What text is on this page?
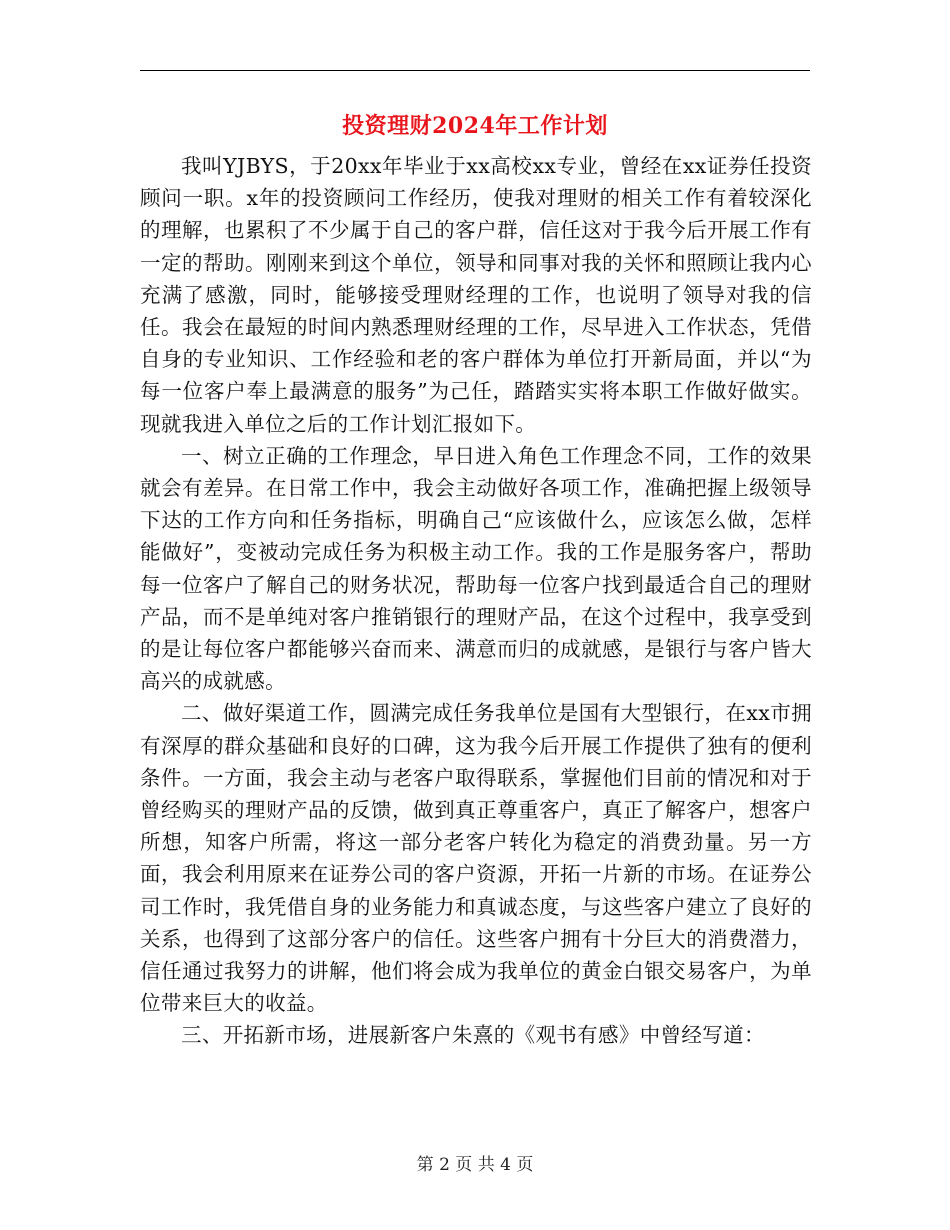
投资理财2024年工作计划

我叫YJBYS，于20xx年毕业于xx高校xx专业，曾经在xx证券任投资顾问一职。x年的投资顾问工作经历，使我对理财的相关工作有着较深化的理解，也累积了不少属于自己的客户群，信任这对于我今后开展工作有一定的帮助。刚刚来到这个单位，领导和同事对我的关怀和照顾让我内心充满了感激，同时，能够接受理财经理的工作，也说明了领导对我的信任。我会在最短的时间内熟悉理财经理的工作，尽早进入工作状态，凭借自身的专业知识、工作经验和老的客户群体为单位打开新局面，并以“为每一位客户奉上最满意的服务”为己任，踏踏实实将本职工作做好做实。现就我进入单位之后的工作计划汇报如下。

一、树立正确的工作理念，早日进入角色工作理念不同，工作的效果就会有差异。在日常工作中，我会主动做好各项工作，准确把握上级领导下达的工作方向和任务指标，明确自己“应该做什么，应该怎么做，怎样能做好”，变被动完成任务为积极主动工作。我的工作是服务客户，帮助每一位客户了解自己的财务状况，帮助每一位客户找到最适合自己的理财产品，而不是单纯对客户推销银行的理财产品，在这个过程中，我享受到的是让每位客户都能够兴奋而来、满意而归的成就感，是银行与客户皆大高兴的成就感。

二、做好渠道工作，圆满完成任务我单位是国有大型银行，在xx市拥有深厚的群众基础和良好的口碑，这为我今后开展工作提供了独有的便利条件。一方面，我会主动与老客户取得联系，掌握他们目前的情况和对于曾经购买的理财产品的反馈，做到真正尊重客户，真正了解客户，想客户所想，知客户所需，将这一部分老客户转化为稳定的消费劲量。另一方面，我会利用原来在证券公司的客户资源，开拓一片新的市场。在证券公司工作时，我凭借自身的业务能力和真诚态度，与这些客户建立了良好的关系，也得到了这部分客户的信任。这些客户拥有十分巨大的消费潜力，信任通过我努力的讲解，他们将会成为我单位的黄金白银交易客户，为单位带来巨大的收益。

三、开拓新市场，进展新客户朱熹的《观书有感》中曾经写道：

第 2 页 共 4 页
